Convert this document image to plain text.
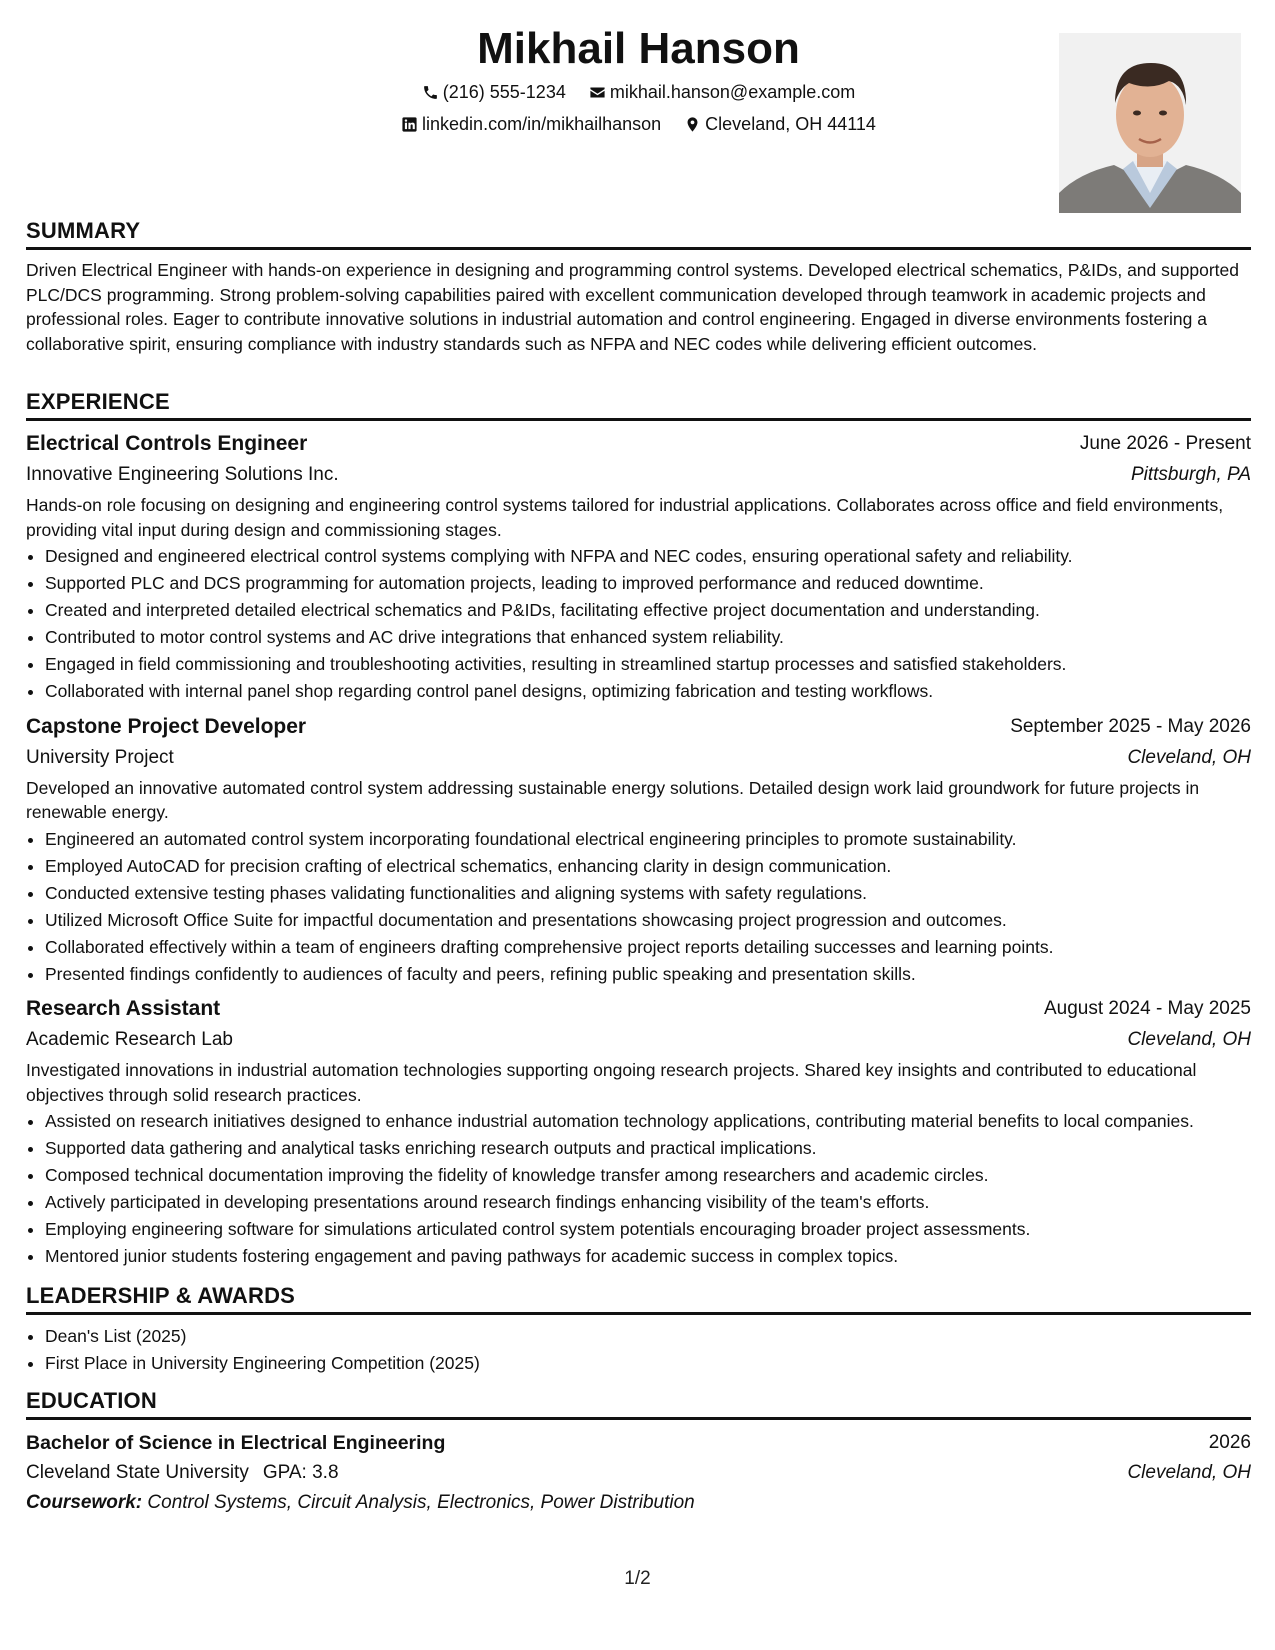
Mikhail Hanson
(216) 555-1234
mikhail.hanson@example.com
linkedin.com/in/mikhailhanson
Cleveland, OH 44114
SUMMARY

Driven Electrical Engineer with hands-on experience in designing and programming control systems. Developed electrical schematics, P&IDs, and supported PLC/DCS programming. Strong problem-solving capabilities paired with excellent communication developed through teamwork in academic projects and professional roles. Eager to contribute innovative solutions in industrial automation and control engineering. Engaged in diverse environments fostering a collaborative spirit, ensuring compliance with industry standards such as NFPA and NEC codes while delivering efficient outcomes.

EXPERIENCE
Electrical Controls Engineer	June 2026 - Present
Innovative Engineering Solutions Inc.	Pittsburgh, PA

Hands-on role focusing on designing and engineering control systems tailored for industrial applications. Collaborates across office and field environments, providing vital input during design and commissioning stages.

• Designed and engineered electrical control systems complying with NFPA and NEC codes, ensuring operational safety and reliability.
• Supported PLC and DCS programming for automation projects, leading to improved performance and reduced downtime.
• Created and interpreted detailed electrical schematics and P&IDs, facilitating effective project documentation and understanding.
• Contributed to motor control systems and AC drive integrations that enhanced system reliability.
• Engaged in field commissioning and troubleshooting activities, resulting in streamlined startup processes and satisfied stakeholders.
• Collaborated with internal panel shop regarding control panel designs, optimizing fabrication and testing workflows.
Capstone Project Developer	September 2025 - May 2026
University Project	Cleveland, OH

Developed an innovative automated control system addressing sustainable energy solutions. Detailed design work laid groundwork for future projects in renewable energy.

• Engineered an automated control system incorporating foundational electrical engineering principles to promote sustainability.
• Employed AutoCAD for precision crafting of electrical schematics, enhancing clarity in design communication.
• Conducted extensive testing phases validating functionalities and aligning systems with safety regulations.
• Utilized Microsoft Office Suite for impactful documentation and presentations showcasing project progression and outcomes.
• Collaborated effectively within a team of engineers drafting comprehensive project reports detailing successes and learning points.
• Presented findings confidently to audiences of faculty and peers, refining public speaking and presentation skills.
Research Assistant	August 2024 - May 2025
Academic Research Lab	Cleveland, OH

Investigated innovations in industrial automation technologies supporting ongoing research projects. Shared key insights and contributed to educational objectives through solid research practices.

• Assisted on research initiatives designed to enhance industrial automation technology applications, contributing material benefits to local companies.
• Supported data gathering and analytical tasks enriching research outputs and practical implications.
• Composed technical documentation improving the fidelity of knowledge transfer among researchers and academic circles.
• Actively participated in developing presentations around research findings enhancing visibility of the team's efforts.
• Employing engineering software for simulations articulated control system potentials encouraging broader project assessments.
• Mentored junior students fostering engagement and paving pathways for academic success in complex topics.
LEADERSHIP & AWARDS
• Dean's List (2025)
• First Place in University Engineering Competition (2025)
EDUCATION
Bachelor of Science in Electrical Engineering	2026
Cleveland State University GPA: 3.8	Cleveland, OH
Coursework: Control Systems, Circuit Analysis, Electronics, Power Distribution
1/2
